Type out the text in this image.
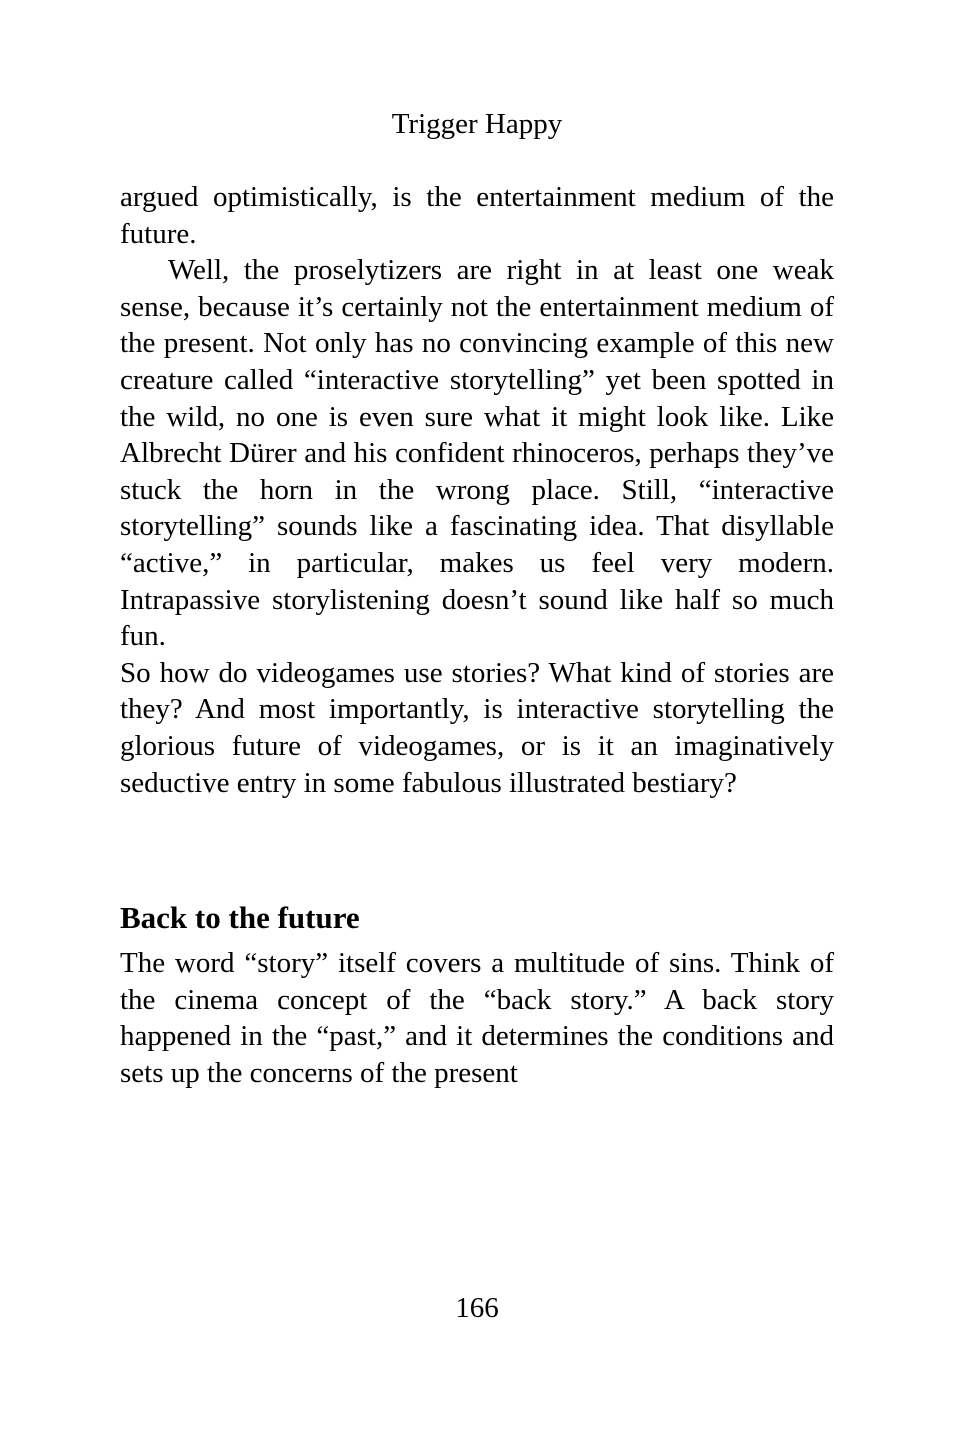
Trigger Happy

argued optimistically, is the entertainment medium of the future.

Well, the proselytizers are right in at least one weak sense, because it’s certainly not the entertainment medium of the present. Not only has no convincing example of this new creature called “interactive storytelling” yet been spotted in the wild, no one is even sure what it might look like. Like Albrecht Dürer and his confident rhinoceros, perhaps they’ve stuck the horn in the wrong place. Still, “interactive storytelling” sounds like a fascinating idea. That disyllable “active,” in particular, makes us feel very modern. Intrapassive storylistening doesn’t sound like half so much fun.

So how do videogames use stories? What kind of stories are they? And most importantly, is interactive storytelling the glorious future of videogames, or is it an imaginatively seductive entry in some fabulous illustrated bestiary?

Back to the future

The word “story” itself covers a multitude of sins. Think of the cinema concept of the “back story.” A back story happened in the “past,” and it determines the conditions and sets up the concerns of the present

166
